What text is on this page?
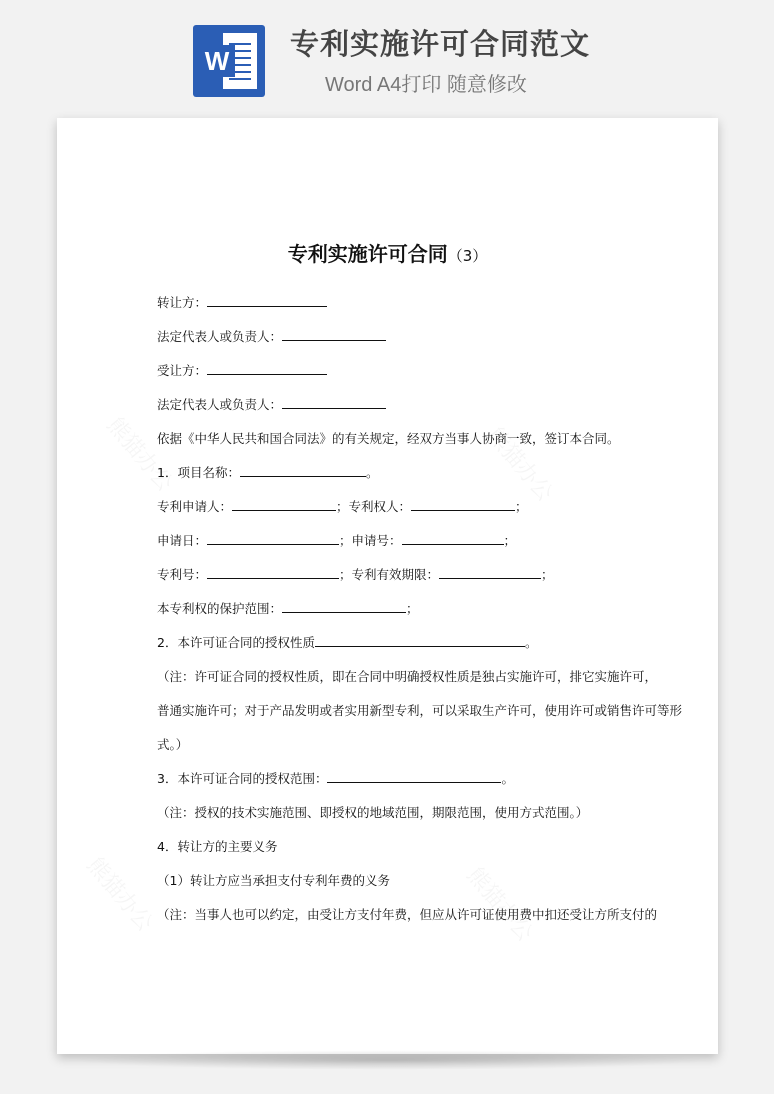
W 专利实施许可合同范文
Word A4打印 随意修改
专利实施许可合同（3）
转让方：
法定代表人或负责人：
受让方：
法定代表人或负责人：
依据《中华人民共和国合同法》的有关规定，经双方当事人协商一致，签订本合同。
1．项目名称：	。
专利申请人：	；专利权人：	；
申请日：	；申请号：	；
专利号：	；专利有效期限：	；
本专利权的保护范围：	；
2．本许可证合同的授权性质	。
（注：许可证合同的授权性质，即在合同中明确授权性质是独占实施许可，排它实施许可，
普通实施许可；对于产品发明或者实用新型专利，可以采取生产许可，使用许可或销售许可等形
式。）
3．本许可证合同的授权范围：	。
（注：授权的技术实施范围、即授权的地域范围，期限范围，使用方式范围。）
4．转让方的主要义务
（1）转让方应当承担支付专利年费的义务
（注：当事人也可以约定，由受让方支付年费，但应从许可证使用费中扣还受让方所支付的
